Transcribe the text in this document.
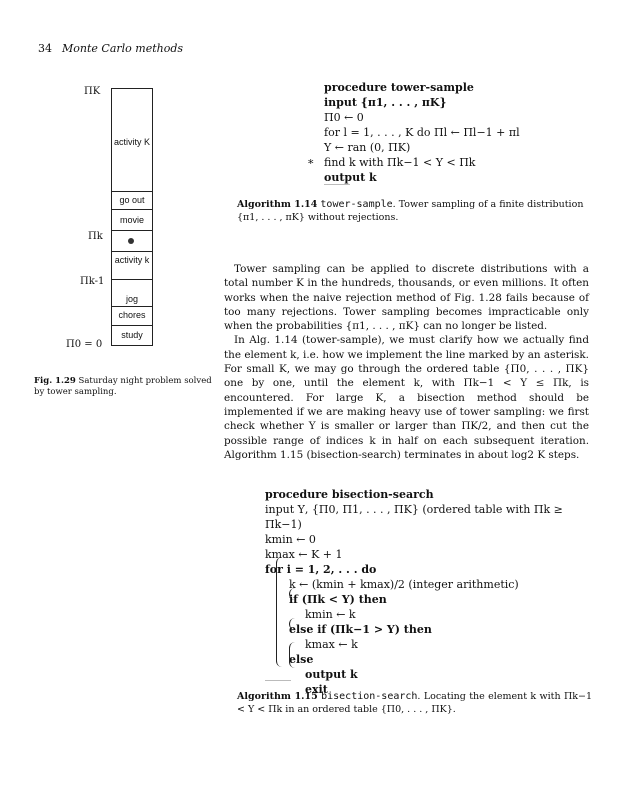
34 Monte Carlo methods
ΠK
activity K
go out
movie
activity k
jog
chores
study
Πk
Πk-1
Π0 = 0
Fig. 1.29 Saturday night problem solved by tower sampling.
procedure tower-sample
input {π1, . . . , πK}
Π0 ← 0
for l = 1, . . . , K do Πl ← Πl−1 + πl
Υ ← ran (0, ΠK)
find k with Πk−1 < Υ < Πk
output k
∗
Algorithm 1.14 tower-sample. Tower sampling of a finite distribution {π1, . . . , πK} without rejections.

Tower sampling can be applied to discrete distributions with a total number K in the hundreds, thousands, or even millions. It often works when the naive rejection method of Fig. 1.28 fails because of too many rejections. Tower sampling becomes impracticable only when the probabilities {π1, . . . , πK} can no longer be listed.

In Alg. 1.14 (tower-sample), we must clarify how we actually find the element k, i.e. how we implement the line marked by an asterisk. For small K, we may go through the ordered table {Π0, . . . , ΠK} one by one, until the element k, with Πk−1 < Υ ≤ Πk, is encountered. For large K, a bisection method should be implemented if we are making heavy use of tower sampling: we first check whether Υ is smaller or larger than ΠK/2, and then cut the possible range of indices k in half on each subsequent iteration. Algorithm 1.15 (bisection-search) terminates in about log2 K steps.

procedure bisection-search
input Υ, {Π0, Π1, . . . , ΠK} (ordered table with Πk ≥ Πk−1)
kmin ← 0
kmax ← K + 1
for i = 1, 2, . . . do
k ← (kmin + kmax)/2 (integer arithmetic)
if (Πk < Υ) then
kmin ← k
else if (Πk−1 > Υ) then
kmax ← k
else
output k
exit
Algorithm 1.15 bisection-search. Locating the element k with Πk−1 < Υ < Πk in an ordered table {Π0, . . . , ΠK}.
